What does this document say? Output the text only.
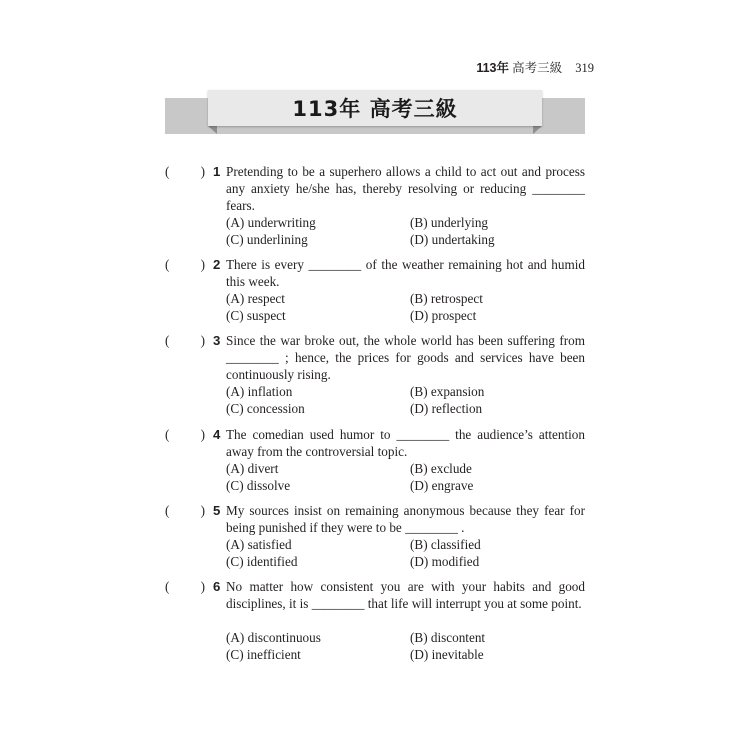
113年 高考三級 319
113年 高考三級
( ) 1 Pretending to be a superhero allows a child to act out and process any anxiety he/she has, thereby resolving or reducing ________ fears.
(A) underwriting	(B) underlying
(C) underlining	(D) undertaking
( ) 2 There is every ________ of the weather remaining hot and humid this week.
(A) respect	(B) retrospect
(C) suspect	(D) prospect
( ) 3 Since the war broke out, the whole world has been suffering from ________ ; hence, the prices for goods and services have been continuously rising.
(A) inflation	(B) expansion
(C) concession	(D) reflection
( ) 4 The comedian used humor to ________ the audience’s attention away from the controversial topic.
(A) divert	(B) exclude
(C) dissolve	(D) engrave
( ) 5 My sources insist on remaining anonymous because they fear for being punished if they were to be ________ .
(A) satisfied	(B) classified
(C) identified	(D) modified
( ) 6 No matter how consistent you are with your habits and good disciplines, it is ________ that life will interrupt you at some point.
(A) discontinuous	(B) discontent
(C) inefficient	(D) inevitable
